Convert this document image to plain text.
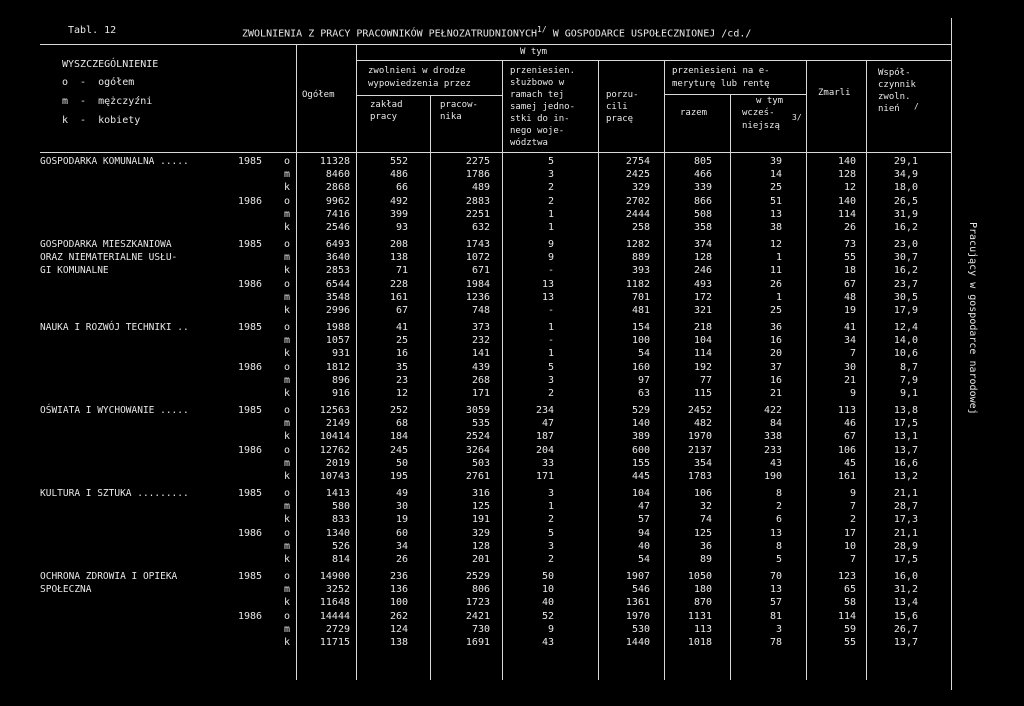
Tabl. 12	ZWOLNIENIA Z PRACY PRACOWNIKÓW $PEŁNOZATRUDNIONYCH^{1/}$ W GOSPODARCE USPOŁECZNIONEJ /cd./
WYSZCZEGÓLNIENIE
o  -  ogółem
m  -  mężczyźni
k  -  kobiety
Ogółem
W tym
zwolnieni w drodze
wypowiedzenia przez
zakład
pracy
pracow-
nika
przeniesien.
służbowo w
ramach tej
samej jedno-
stki do in-
nego woje-
wództwa
porzu-
cili
pracę
przeniesieni na e-
meryturę lub rentę
razem
w tym
wcześ-
niejszą
3/
Zmarli
Współ-
czynnik
zwoln.
nień /
Pracujący w gospodarce narodowej
GOSPODARKA KOMUNALNA .....	1985 o	11328	552	2275	5	2754	805	39	140	29,1
m	8460	486	1786	3	2425	466	14	128	34,9
k	2868	66	489	2	329	339	25	12	18,0
1986 o	9962	492	2883	2	2702	866	51	140	26,5
m	7416	399	2251	1	2444	508	13	114	31,9
k	2546	93	632	1	258	358	38	26	16,2
GOSPODARKA MIESZKANIOWA
ORAZ NIEMATERIALNE USŁU-
GI KOMUNALNE
1985 o	6493	208	1743	9	1282	374	12	73	23,0
m	3640	138	1072	9	889	128	1	55	30,7
k	2853	71	671	-	393	246	11	18	16,2
1986 o	6544	228	1984	13	1182	493	26	67	23,7
m	3548	161	1236	13	701	172	1	48	30,5
k	2996	67	748	-	481	321	25	19	17,9
NAUKA I ROZWÓJ TECHNIKI ..	1985 o	1988	41	373	1	154	218	36	41	12,4
m	1057	25	232	-	100	104	16	34	14,0
k	931	16	141	1	54	114	20	7	10,6
1986 o	1812	35	439	5	160	192	37	30	8,7
m	896	23	268	3	97	77	16	21	7,9
k	916	12	171	2	63	115	21	9	9,1
OŚWIATA I WYCHOWANIE .....	1985 o	12563	252	3059	234	529	2452	422	113	13,8
m	2149	68	535	47	140	482	84	46	17,5
k	10414	184	2524	187	389	1970	338	67	13,1
1986 o	12762	245	3264	204	600	2137	233	106	13,7
m	2019	50	503	33	155	354	43	45	16,6
k	10743	195	2761	171	445	1783	190	161	13,2
KULTURA I SZTUKA .........	1985 o	1413	49	316	3	104	106	8	9	21,1
m	580	30	125	1	47	32	2	7	28,7
k	833	19	191	2	57	74	6	2	17,3
1986 o	1340	60	329	5	94	125	13	17	21,1
m	526	34	128	3	40	36	8	10	28,9
k	814	26	201	2	54	89	5	7	17,5
OCHRONA ZDROWIA I OPIEKA
SPOŁECZNA
1985 o	14900	236	2529	50	1907	1050	70	123	16,0
m	3252	136	806	10	546	180	13	65	31,2
k	11648	100	1723	40	1361	870	57	58	13,4
1986 o	14444	262	2421	52	1970	1131	81	114	15,6
m	2729	124	730	9	530	113	3	59	26,7
k	11715	138	1691	43	1440	1018	78	55	13,7
